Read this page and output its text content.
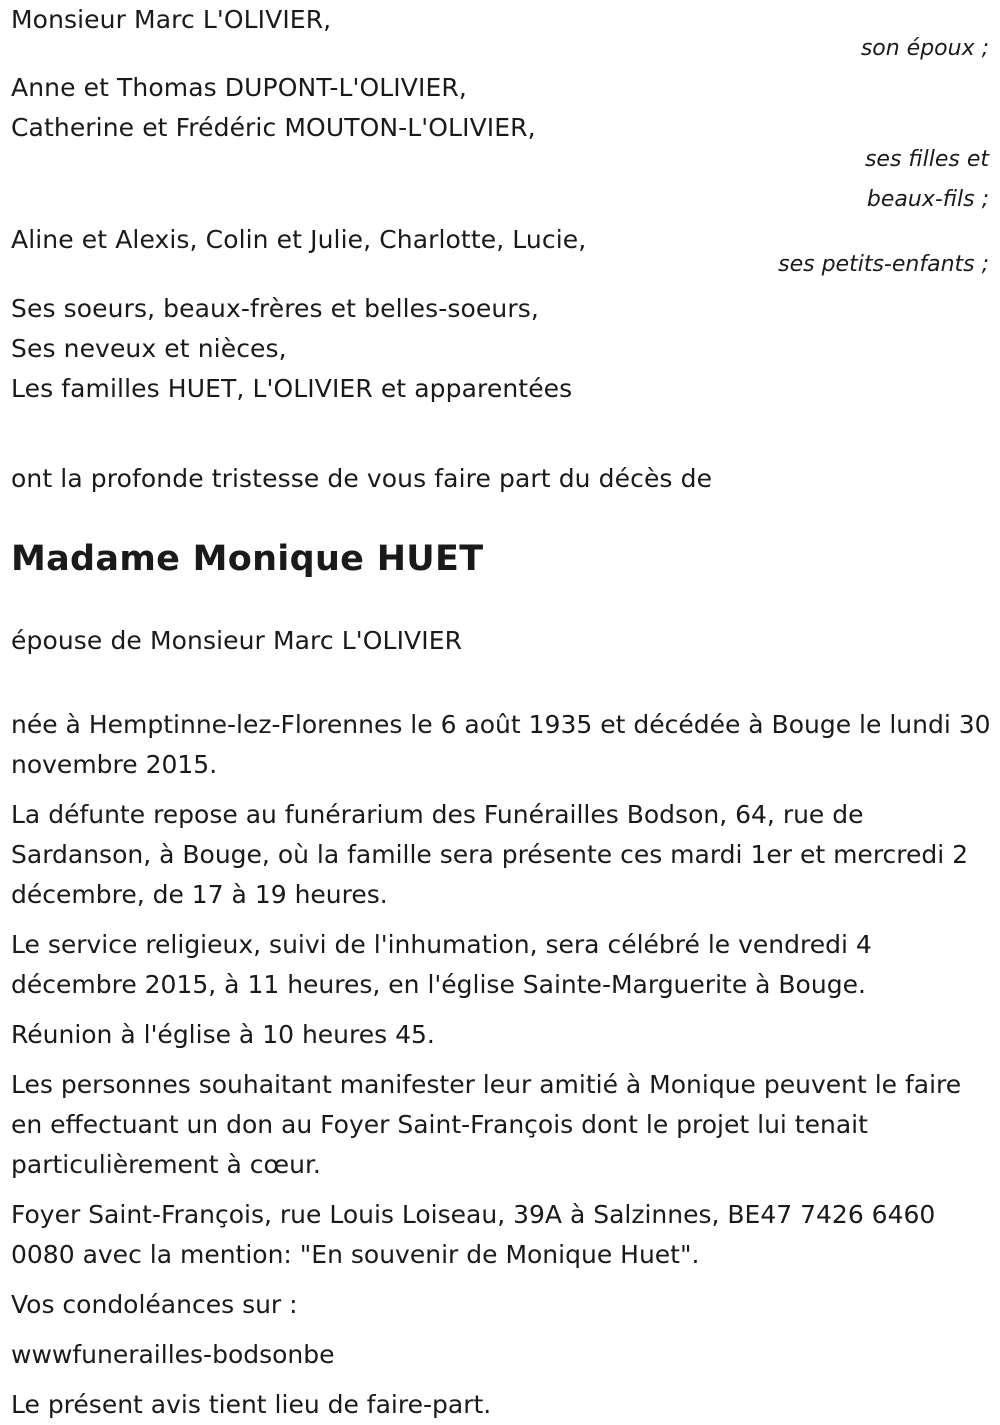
Monsieur Marc L'OLIVIER,
son époux ;
Anne et Thomas DUPONT-L'OLIVIER,
Catherine et Frédéric MOUTON-L'OLIVIER,
ses filles et
beaux-fils ;
Aline et Alexis, Colin et Julie, Charlotte, Lucie,
ses petits-enfants ;
Ses soeurs, beaux-frères et belles-soeurs,
Ses neveux et nièces,
Les familles HUET, L'OLIVIER et apparentées
ont la profonde tristesse de vous faire part du décès de
Madame Monique HUET
épouse de Monsieur Marc L'OLIVIER
née à Hemptinne-lez-Florennes le 6 août 1935 et décédée à Bouge le lundi 30 novembre 2015.
La défunte repose au funérarium des Funérailles Bodson, 64, rue de Sardanson, à Bouge, où la famille sera présente ces mardi 1er et mercredi 2 décembre, de 17 à 19 heures.
Le service religieux, suivi de l'inhumation, sera célébré le vendredi 4 décembre 2015, à 11 heures, en l'église Sainte-Marguerite à Bouge.
Réunion à l'église à 10 heures 45.
Les personnes souhaitant manifester leur amitié à Monique peuvent le faire en effectuant un don au Foyer Saint-François dont le projet lui tenait particulièrement à cœur.
Foyer Saint-François, rue Louis Loiseau, 39A à Salzinnes, BE47 7426 6460 0080 avec la mention: "En souvenir de Monique Huet".
Vos condoléances sur :
wwwfunerailles-bodsonbe
Le présent avis tient lieu de faire-part.
